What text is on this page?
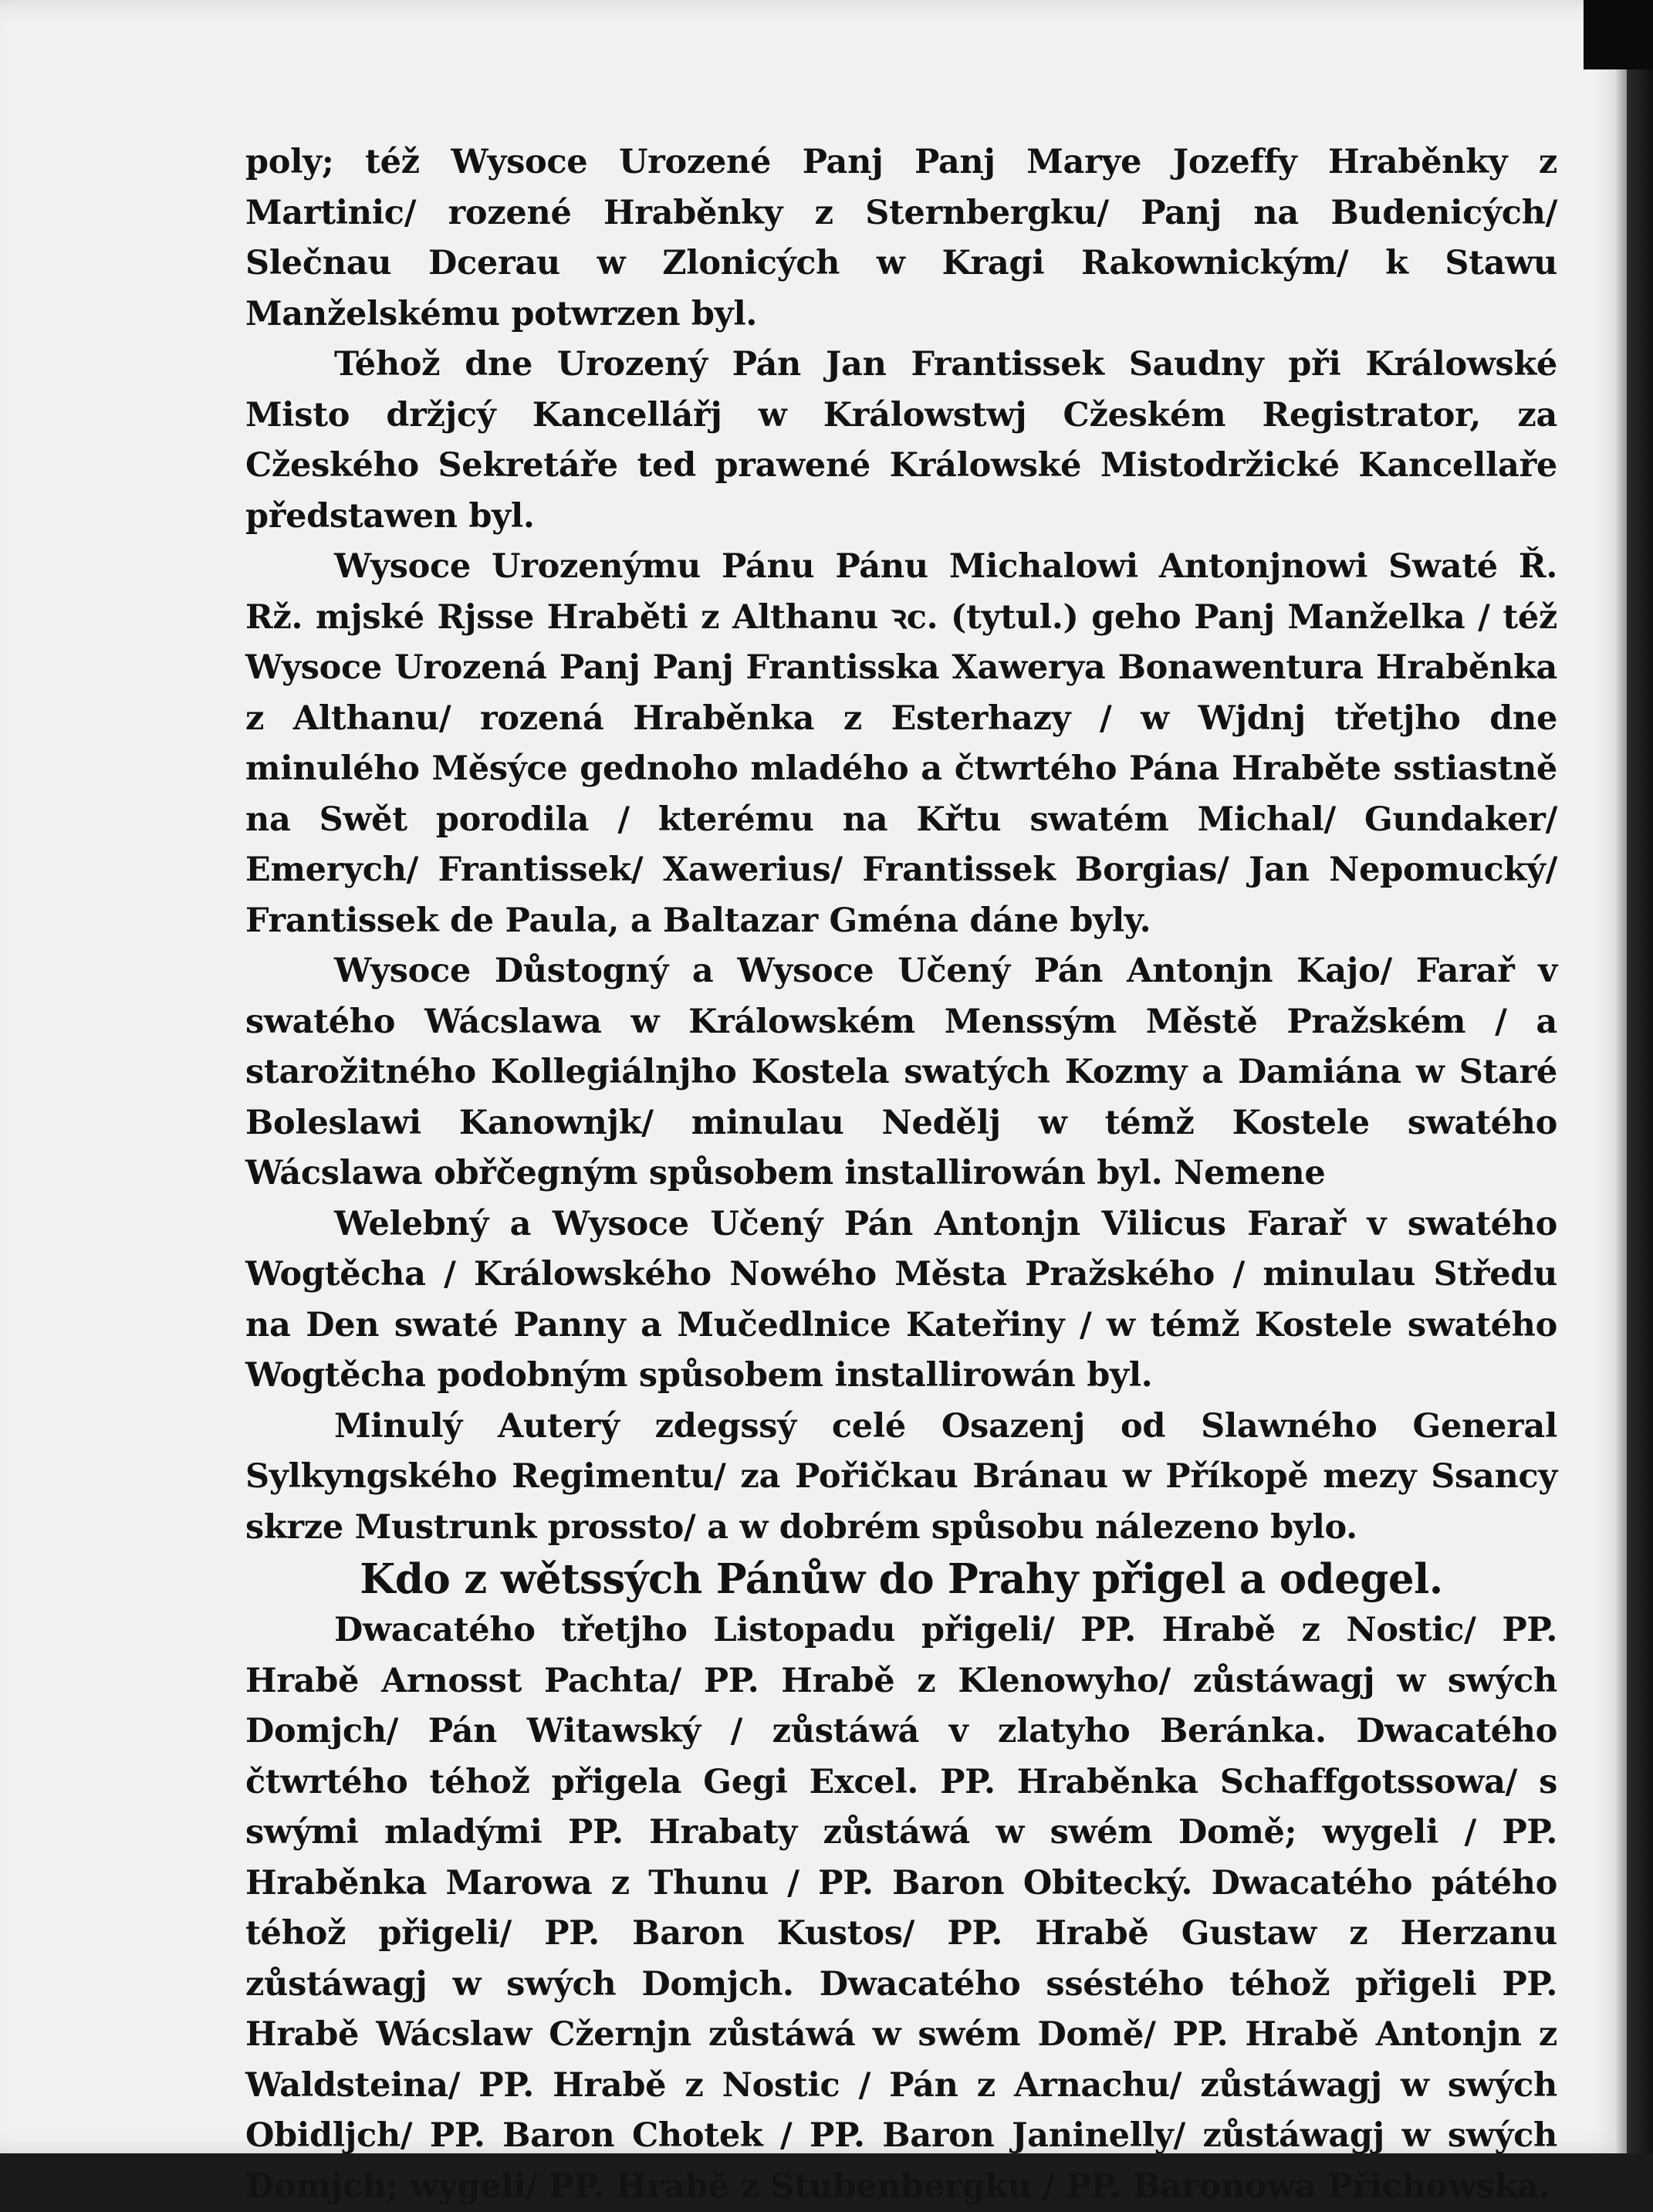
poly; též Wysoce Urozené Panj Panj Marye Jozeffy Hraběnky z Martinic/ rozené Hraběnky z Sternbergku/ Panj na Budenicých/ Slečnau Dcerau w Zlonicých w Kragi Rakownickým/ k Stawu Manželskému potwrzen byl.

Téhož dne Urozený Pán Jan Frantissek Saudny při Králowské Misto držjcý Kancellářj w Králowstwj Cžeském Registrator, za Cžeského Sekretáře ted prawené Králowské Mistodržické Kancellaře předstawen byl.

Wysoce Urozenýmu Pánu Pánu Michalowi Antonjnowi Swaté Ř. Rž. mjské Rjsse Hraběti z Althanu ꝛc. (tytul.) geho Panj Manželka / též Wysoce Urozená Panj Panj Frantisska Xawerya Bonawentura Hraběnka z Althanu/ rozená Hraběnka z Esterhazy / w Wjdnj třetjho dne minulého Měsýce gednoho mladého a čtwrtého Pána Hraběte sstiastně na Swět porodila / kterému na Křtu swatém Michal/ Gundaker/ Emerych/ Frantissek/ Xawerius/ Frantissek Borgias/ Jan Nepomucký/ Frantissek de Paula, a Baltazar Gména dáne byly.

Wysoce Důstogný a Wysoce Učený Pán Antonjn Kajo/ Farař v swatého Wácslawa w Králowském Menssým Městě Pražském / a starožitného Kollegiálnjho Kostela swatých Kozmy a Damiána w Staré Boleslawi Kanownjk/ minulau Nedělj w témž Kostele swatého Wácslawa obřčegným spůsobem installirowán byl. Nemene

Welebný a Wysoce Učený Pán Antonjn Vilicus Farař v swatého Wogtěcha / Králowského Nowého Města Pražského / minulau Středu na Den swaté Panny a Mučedlnice Kateřiny / w témž Kostele swatého Wogtěcha podobným spůsobem installirowán byl.

Minulý Auterý zdegssý celé Osazenj od Slawného General Sylkyngského Regimentu/ za Pořičkau Bránau w Příkopě mezy Ssancy skrze Mustrunk prossto/ a w dobrém spůsobu nálezeno bylo.

Kdo z wětssých Pánůw do Prahy přigel a odegel.

Dwacatého třetjho Listopadu přigeli/ PP. Hrabě z Nostic/ PP. Hrabě Arnosst Pachta/ PP. Hrabě z Klenowyho/ zůstáwagj w swých Domjch/ Pán Witawský / zůstáwá v zlatyho Beránka. Dwacatého čtwrtého téhož přigela Gegi Excel. PP. Hraběnka Schaffgotssowa/ s swými mladými PP. Hrabaty zůstáwá w swém Domě; wygeli / PP. Hraběnka Marowa z Thunu / PP. Baron Obitecký. Dwacatého pátého téhož přigeli/ PP. Baron Kustos/ PP. Hrabě Gustaw z Herzanu zůstáwagj w swých Domjch. Dwacatého sséstého téhož přigeli PP. Hrabě Wácslaw Cžernjn zůstáwá w swém Domě/ PP. Hrabě Antonjn z Waldsteina/ PP. Hrabě z Nostic / Pán z Arnachu/ zůstáwagj w swých Obidljch/ PP. Baron Chotek / PP. Baron Janinelly/ zůstáwagj w swých Domjch; wygeli/ PP. Hrabě z Stubenbergku / PP. Baronowa Přichowska.
